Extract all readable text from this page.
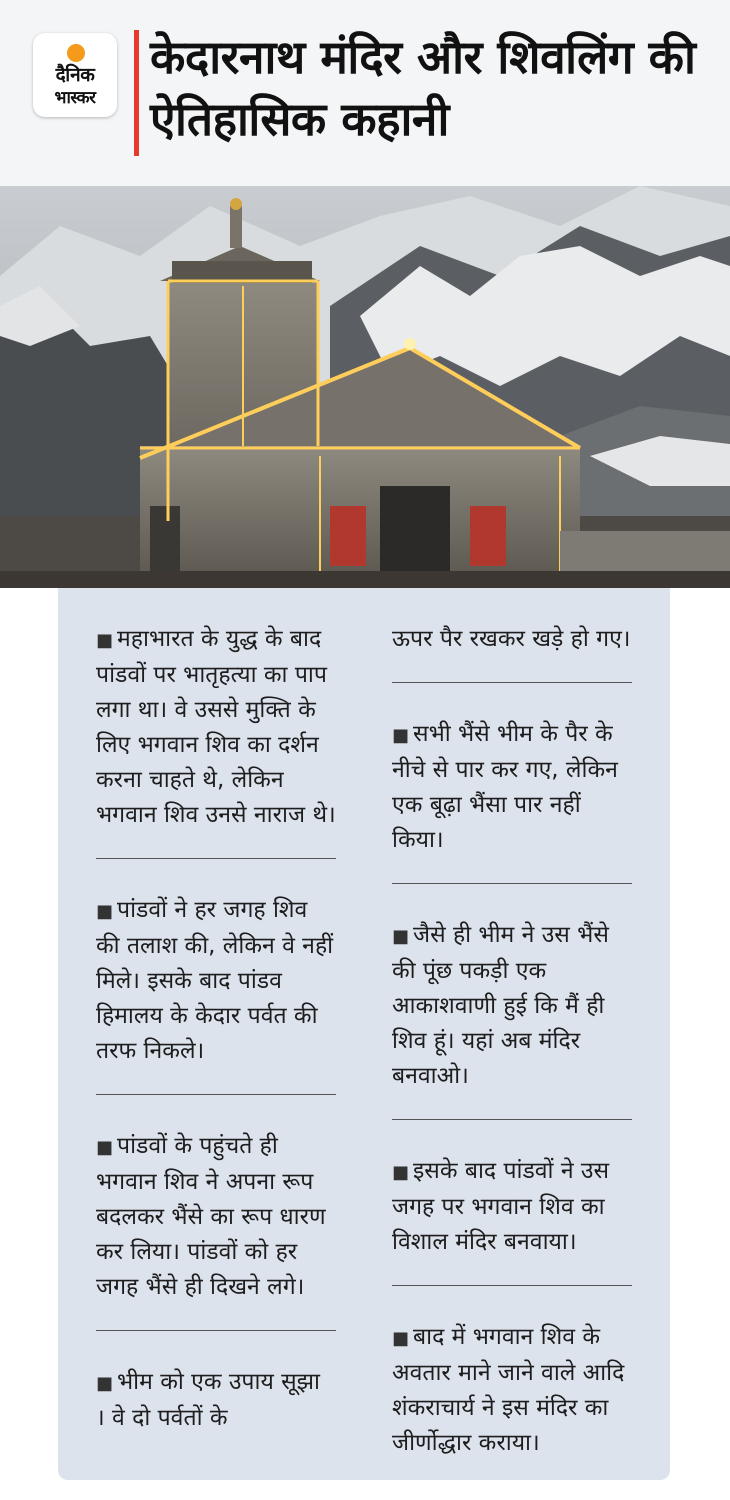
दैनिक
भास्कर
केदारनाथ मंदिर और शिवलिंग की ऐतिहासिक कहानी
■ महाभारत के युद्ध के बाद पांडवों पर भातृहत्या का पाप लगा था। वे उससे मुक्ति के लिए भगवान शिव का दर्शन करना चाहते थे, लेकिन भगवान शिव उनसे नाराज थे।
■ पांडवों ने हर जगह शिव की तलाश की, लेकिन वे नहीं मिले। इसके बाद पांडव हिमालय के केदार पर्वत की तरफ निकले।
■ पांडवों के पहुंचते ही भगवान शिव ने अपना रूप बदलकर भैंसे का रूप धारण कर लिया। पांडवों को हर जगह भैंसे ही दिखने लगे।
■ भीम को एक उपाय सूझा । वे दो पर्वतों के
ऊपर पैर रखकर खड़े हो गए।
■ सभी भैंसे भीम के पैर के नीचे से पार कर गए, लेकिन एक बूढ़ा भैंसा पार नहीं किया।
■ जैसे ही भीम ने उस भैंसे की पूंछ पकड़ी एक आकाशवाणी हुई कि मैं ही शिव हूं। यहां अब मंदिर बनवाओ।
■ इसके बाद पांडवों ने उस जगह पर भगवान शिव का विशाल मंदिर बनवाया।
■ बाद में भगवान शिव के अवतार माने जाने वाले आदि शंकराचार्य ने इस मंदिर का जीर्णोद्धार कराया।
